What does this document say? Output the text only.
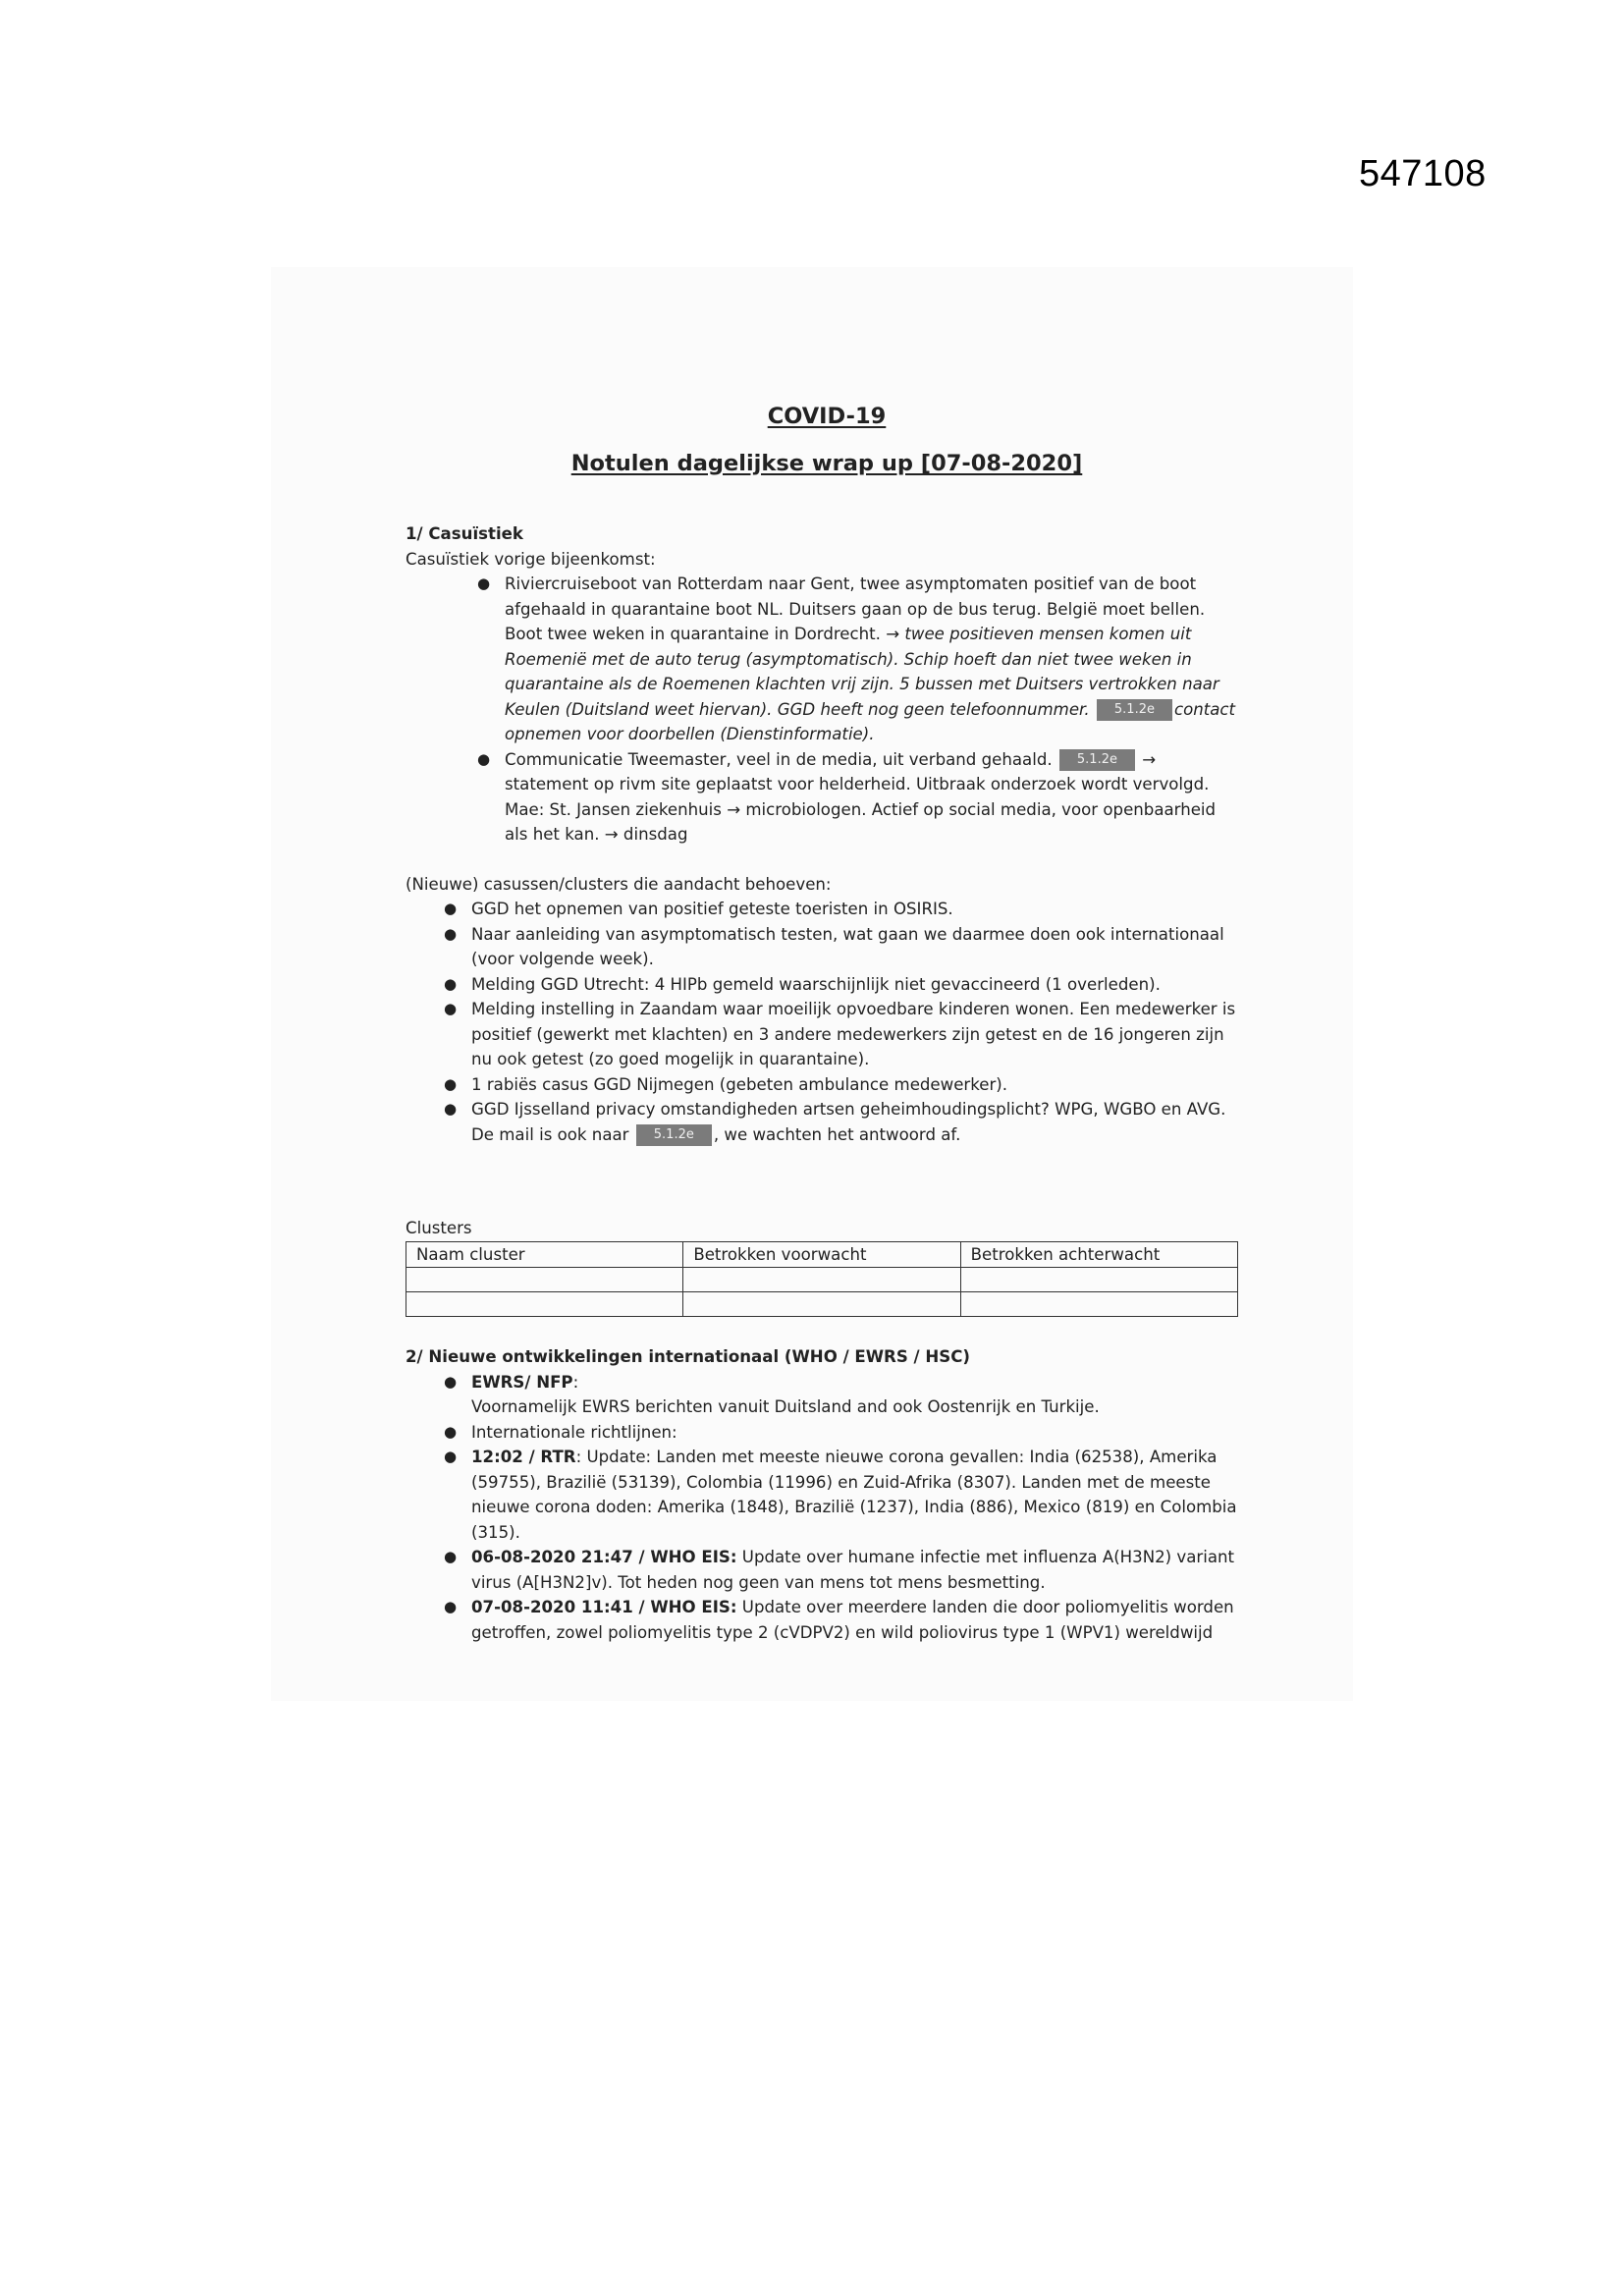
547108

COVID-19

Notulen dagelijkse wrap up [07-08-2020]

1/ Casuïstiek
Casuïstiek vorige bijeenkomst:
● Riviercruiseboot van Rotterdam naar Gent, twee asymptomaten positief van de boot afgehaald in quarantaine boot NL. Duitsers gaan op de bus terug. België moet bellen. Boot twee weken in quarantaine in Dordrecht. → twee positieven mensen komen uit Roemenië met de auto terug (asymptomatisch). Schip hoeft dan niet twee weken in quarantaine als de Roemenen klachten vrij zijn. 5 bussen met Duitsers vertrokken naar Keulen (Duitsland weet hiervan). GGD heeft nog geen telefoonnummer. 5.1.2e contact opnemen voor doorbellen (Dienstinformatie).
● Communicatie Tweemaster, veel in de media, uit verband gehaald. 5.1.2e → statement op rivm site geplaatst voor helderheid. Uitbraak onderzoek wordt vervolgd. Mae: St. Jansen ziekenhuis → microbiologen. Actief op social media, voor openbaarheid als het kan. → dinsdag
(Nieuwe) casussen/clusters die aandacht behoeven:
● GGD het opnemen van positief geteste toeristen in OSIRIS.
● Naar aanleiding van asymptomatisch testen, wat gaan we daarmee doen ook internationaal (voor volgende week).
● Melding GGD Utrecht: 4 HIPb gemeld waarschijnlijk niet gevaccineerd (1 overleden).
● Melding instelling in Zaandam waar moeilijk opvoedbare kinderen wonen. Een medewerker is positief (gewerkt met klachten) en 3 andere medewerkers zijn getest en de 16 jongeren zijn nu ook getest (zo goed mogelijk in quarantaine).
● 1 rabiës casus GGD Nijmegen (gebeten ambulance medewerker).
● GGD Ijsselland privacy omstandigheden artsen geheimhoudingsplicht? WPG, WGBO en AVG. De mail is ook naar 5.1.2e , we wachten het antwoord af.
Clusters
Naam cluster	Betrokken voorwacht	Betrokken achterwacht

2/ Nieuwe ontwikkelingen internationaal (WHO / EWRS / HSC)
● EWRS/ NFP:
Voornamelijk EWRS berichten vanuit Duitsland and ook Oostenrijk en Turkije.
● Internationale richtlijnen:
● 12:02 / RTR: Update: Landen met meeste nieuwe corona gevallen: India (62538), Amerika (59755), Brazilië (53139), Colombia (11996) en Zuid-Afrika (8307). Landen met de meeste nieuwe corona doden: Amerika (1848), Brazilië (1237), India (886), Mexico (819) en Colombia (315).
● 06-08-2020 21:47 / WHO EIS: Update over humane infectie met influenza A(H3N2) variant virus (A[H3N2]v). Tot heden nog geen van mens tot mens besmetting.
● 07-08-2020 11:41 / WHO EIS: Update over meerdere landen die door poliomyelitis worden getroffen, zowel poliomyelitis type 2 (cVDPV2) en wild poliovirus type 1 (WPV1) wereldwijd
